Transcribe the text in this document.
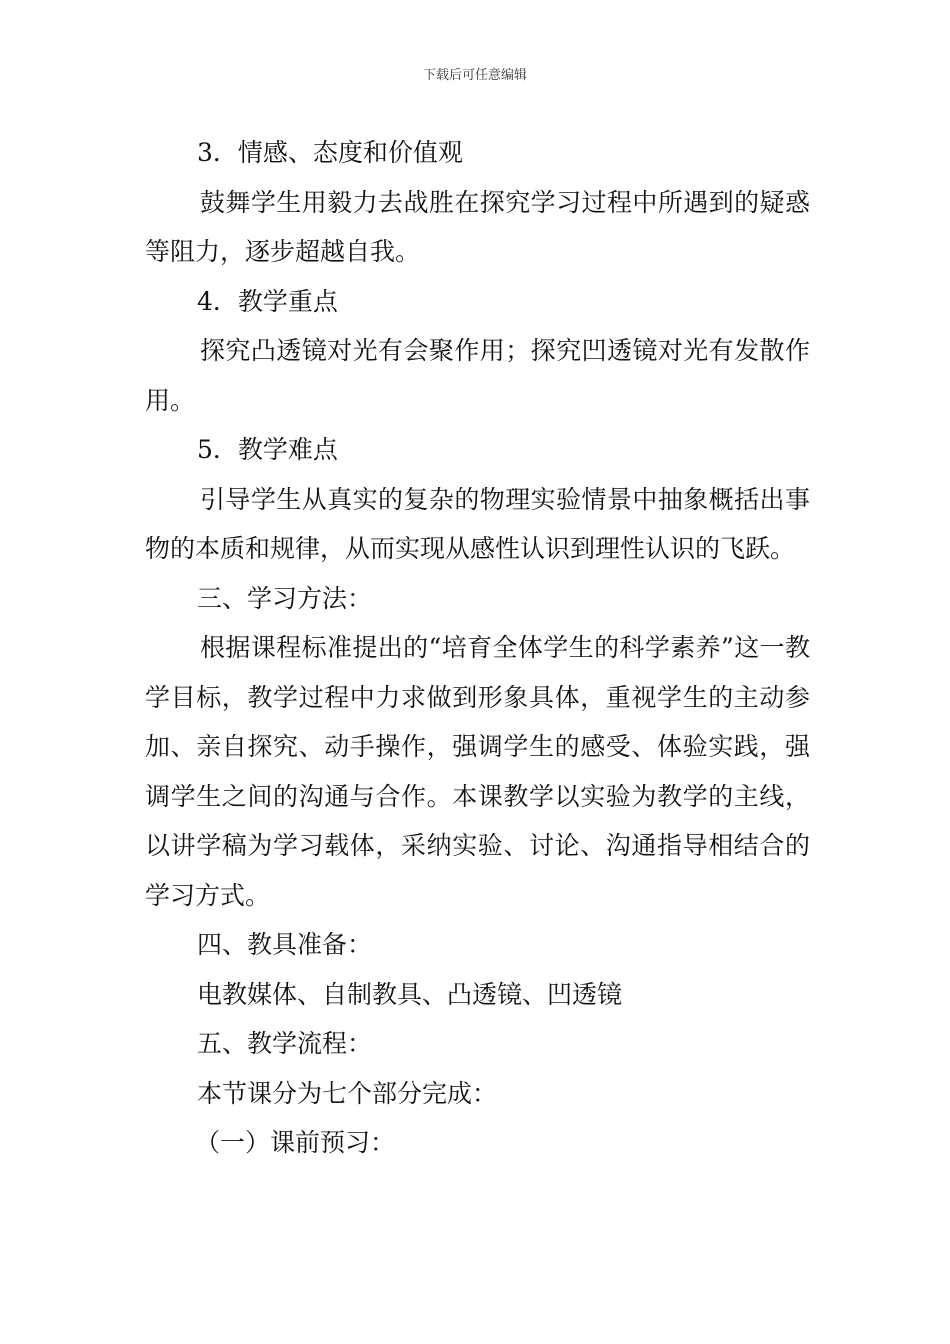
下载后可任意编辑

3．情感、态度和价值观

鼓舞学生用毅力去战胜在探究学习过程中所遇到的疑惑等阻力，逐步超越自我。

4．教学重点

探究凸透镜对光有会聚作用；探究凹透镜对光有发散作用。

5．教学难点

引导学生从真实的复杂的物理实验情景中抽象概括出事物的本质和规律，从而实现从感性认识到理性认识的飞跃。

三、学习方法：

根据课程标准提出的“培育全体学生的科学素养”这一教学目标，教学过程中力求做到形象具体，重视学生的主动参加、亲自探究、动手操作，强调学生的感受、体验实践，强调学生之间的沟通与合作。本课教学以实验为教学的主线，以讲学稿为学习载体，采纳实验、讨论、沟通指导相结合的学习方式。

四、教具准备：

电教媒体、自制教具、凸透镜、凹透镜

五、教学流程：

本节课分为七个部分完成：

（一）课前预习：
